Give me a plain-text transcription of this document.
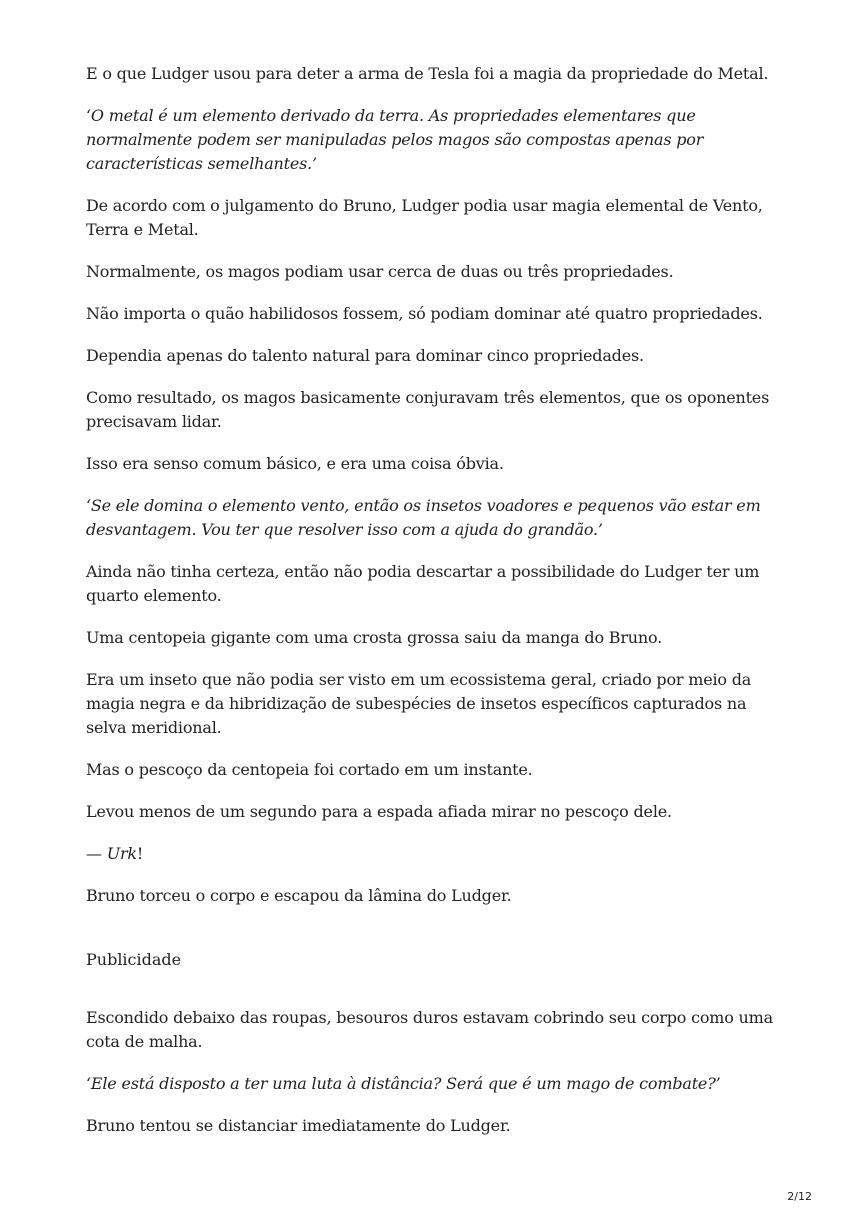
E o que Ludger usou para deter a arma de Tesla foi a magia da propriedade do Metal.

‘O metal é um elemento derivado da terra. As propriedades elementares que normalmente podem ser manipuladas pelos magos são compostas apenas por características semelhantes.’

De acordo com o julgamento do Bruno, Ludger podia usar magia elemental de Vento, Terra e Metal.

Normalmente, os magos podiam usar cerca de duas ou três propriedades.

Não importa o quão habilidosos fossem, só podiam dominar até quatro propriedades.

Dependia apenas do talento natural para dominar cinco propriedades.

Como resultado, os magos basicamente conjuravam três elementos, que os oponentes precisavam lidar.

Isso era senso comum básico, e era uma coisa óbvia.

‘Se ele domina o elemento vento, então os insetos voadores e pequenos vão estar em desvantagem. Vou ter que resolver isso com a ajuda do grandão.’

Ainda não tinha certeza, então não podia descartar a possibilidade do Ludger ter um quarto elemento.

Uma centopeia gigante com uma crosta grossa saiu da manga do Bruno.

Era um inseto que não podia ser visto em um ecossistema geral, criado por meio da magia negra e da hibridização de subespécies de insetos específicos capturados na selva meridional.

Mas o pescoço da centopeia foi cortado em um instante.

Levou menos de um segundo para a espada afiada mirar no pescoço dele.

— Urk!

Bruno torceu o corpo e escapou da lâmina do Ludger.

Publicidade

Escondido debaixo das roupas, besouros duros estavam cobrindo seu corpo como uma cota de malha.

‘Ele está disposto a ter uma luta à distância? Será que é um mago de combate?’

Bruno tentou se distanciar imediatamente do Ludger.

2/12
